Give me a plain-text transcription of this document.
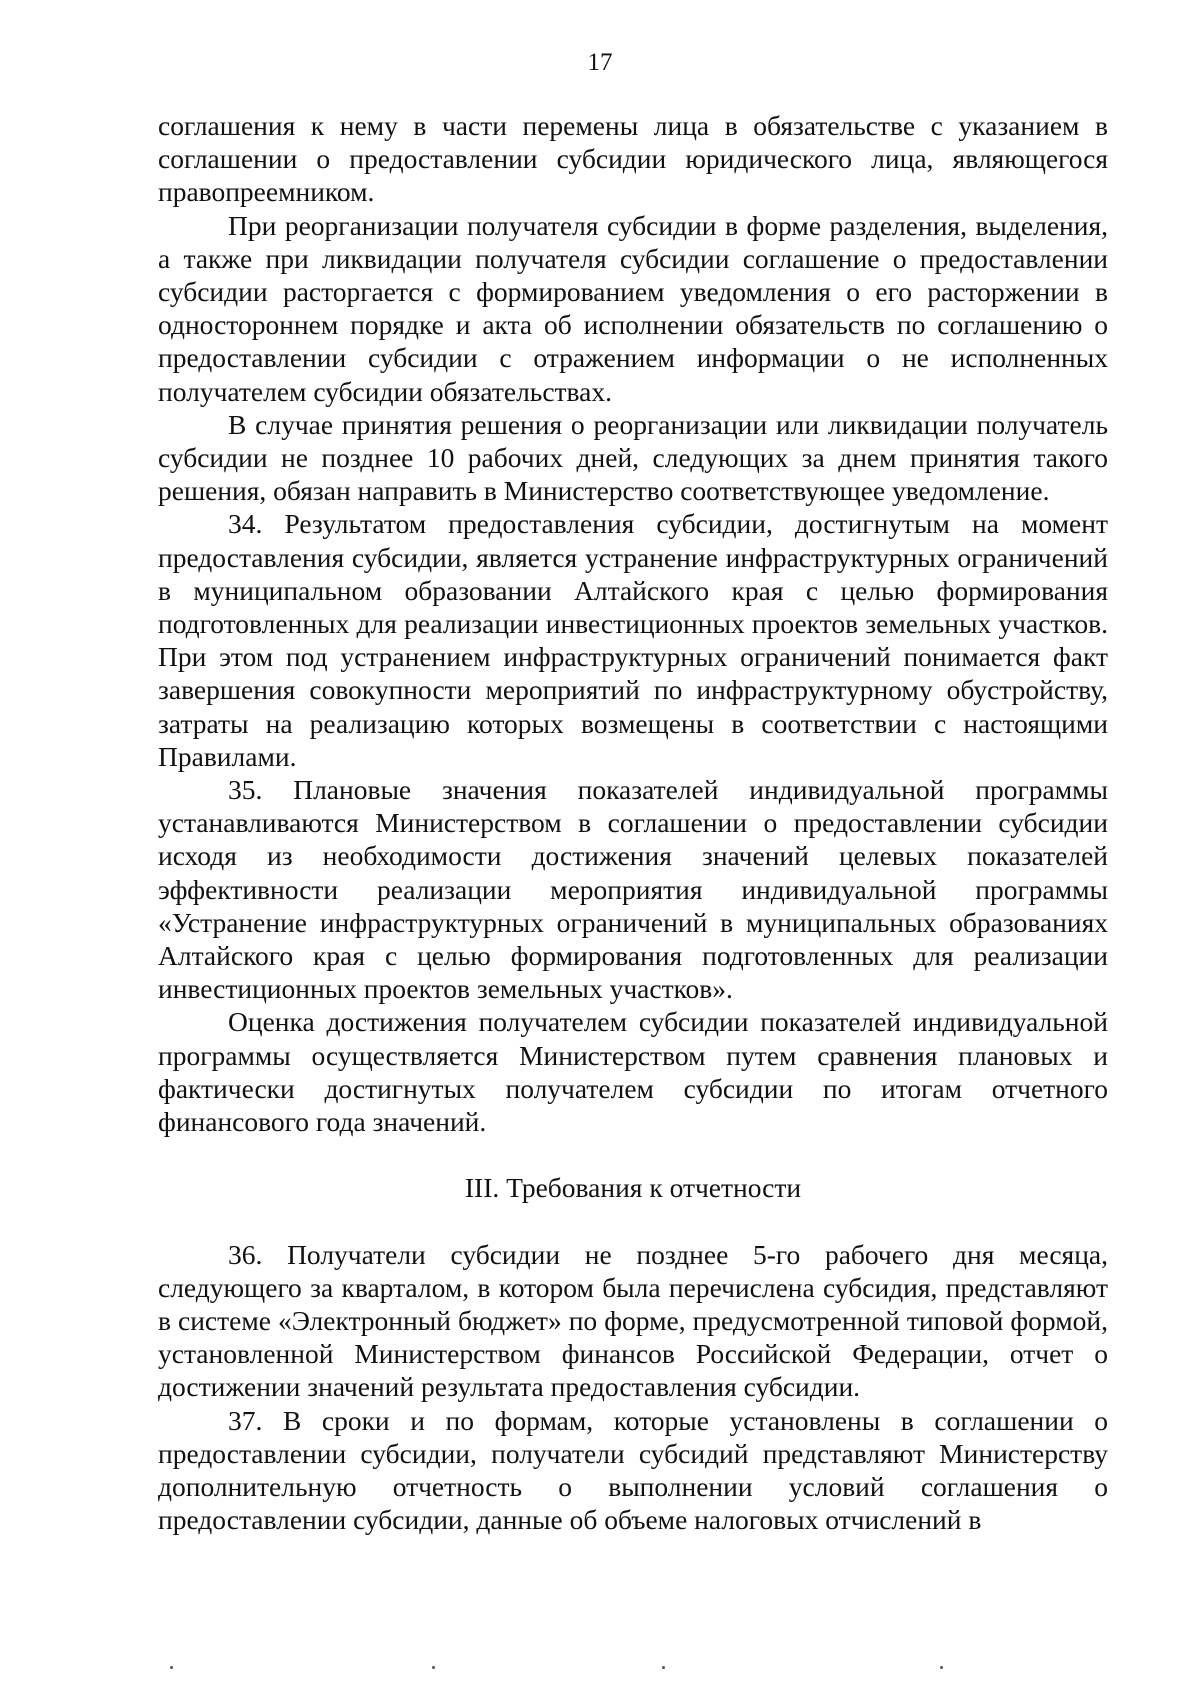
17

соглашения к нему в части перемены лица в обязательстве с указанием в соглашении о предоставлении субсидии юридического лица, являющегося правопреемником.

При реорганизации получателя субсидии в форме разделения, выделения, а также при ликвидации получателя субсидии соглашение о предоставлении субсидии расторгается с формированием уведомления о его расторжении в одностороннем порядке и акта об исполнении обязательств по соглашению о предоставлении субсидии с отражением информации о не исполненных получателем субсидии обязательствах.

В случае принятия решения о реорганизации или ликвидации получатель субсидии не позднее 10 рабочих дней, следующих за днем принятия такого решения, обязан направить в Министерство соответствующее уведомление.

34. Результатом предоставления субсидии, достигнутым на момент предоставления субсидии, является устранение инфраструктурных ограничений в муниципальном образовании Алтайского края с целью формирования подготовленных для реализации инвестиционных проектов земельных участков. При этом под устранением инфраструктурных ограничений понимается факт завершения совокупности мероприятий по инфраструктурному обустройству, затраты на реализацию которых возмещены в соответствии с настоящими Правилами.

35. Плановые значения показателей индивидуальной программы устанавливаются Министерством в соглашении о предоставлении субсидии исходя из необходимости достижения значений целевых показателей эффективности реализации мероприятия индивидуальной программы «Устранение инфраструктурных ограничений в муниципальных образованиях Алтайского края с целью формирования подготовленных для реализации инвестиционных проектов земельных участков».

Оценка достижения получателем субсидии показателей индивидуальной программы осуществляется Министерством путем сравнения плановых и фактически достигнутых получателем субсидии по итогам отчетного финансового года значений.

III. Требования к отчетности

36. Получатели субсидии не позднее 5-го рабочего дня месяца, следующего за кварталом, в котором была перечислена субсидия, представляют в системе «Электронный бюджет» по форме, предусмотренной типовой формой, установленной Министерством финансов Российской Федерации, отчет о достижении значений результата предоставления субсидии.

37. В сроки и по формам, которые установлены в соглашении о предоставлении субсидии, получатели субсидий представляют Министерству дополнительную отчетность о выполнении условий соглашения о предоставлении субсидии, данные об объеме налоговых отчислений в
